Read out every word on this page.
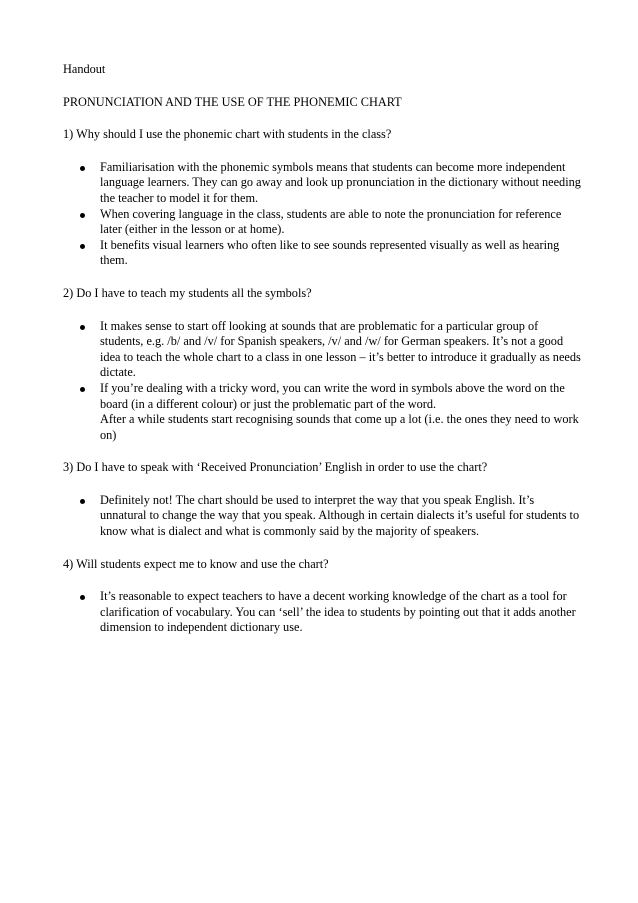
Handout

PRONUNCIATION AND THE USE OF THE PHONEMIC CHART

1) Why should I use the phonemic chart with students in the class?

Familiarisation with the phonemic symbols means that students can become more independent language learners. They can go away and look up pronunciation in the dictionary without needing the teacher to model it for them.
When covering language in the class, students are able to note the pronunciation for reference later (either in the lesson or at home).
It benefits visual learners who often like to see sounds represented visually as well as hearing them.

2) Do I have to teach my students all the symbols?

It makes sense to start off looking at sounds that are problematic for a particular group of students, e.g. /b/ and /v/ for Spanish speakers, /v/ and /w/ for German speakers. It’s not a good idea to teach the whole chart to a class in one lesson – it’s better to introduce it gradually as needs dictate.
If you’re dealing with a tricky word, you can write the word in symbols above the word on the board (in a different colour) or just the problematic part of the word.
After a while students start recognising sounds that come up a lot (i.e. the ones they need to work on)

3) Do I have to speak with ‘Received Pronunciation’ English in order to use the chart?

Definitely not! The chart should be used to interpret the way that you speak English. It’s unnatural to change the way that you speak. Although in certain dialects it’s useful for students to know what is dialect and what is commonly said by the majority of speakers.

4) Will students expect me to know and use the chart?

It’s reasonable to expect teachers to have a decent working knowledge of the chart as a tool for clarification of vocabulary. You can ‘sell’ the idea to students by pointing out that it adds another dimension to independent dictionary use.
